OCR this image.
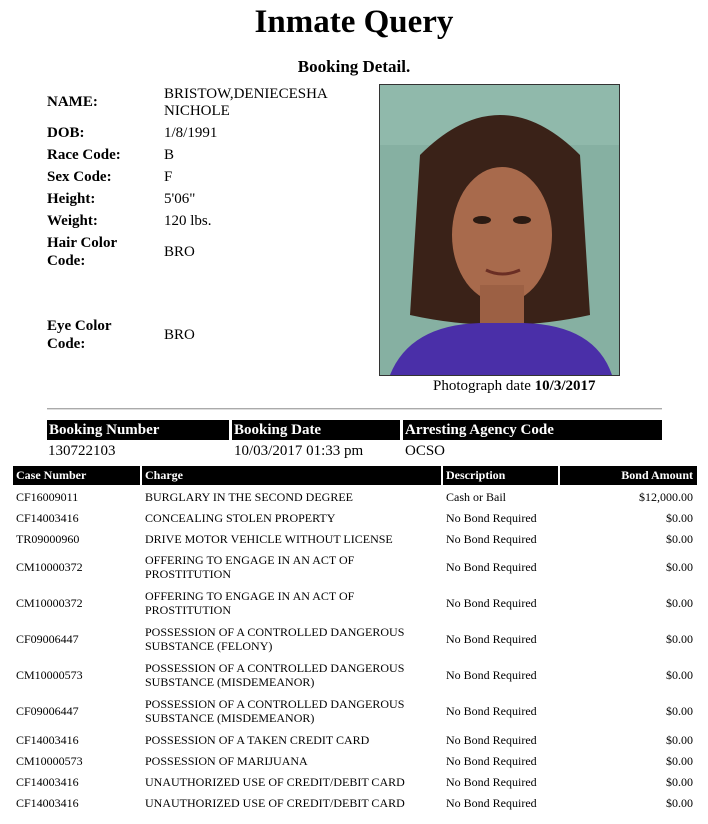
Inmate Query
Booking Detail.
NAME:	BRISTOW,DENIECESHA
NICHOLE
DOB:	1/8/1991
Race Code:	B
Sex Code:	F
Height:	5'06"
Weight:	120 lbs.
Hair Color
Code:
BRO
Eye Color
Code:
BRO
Photograph date 10/3/2017
Booking Number	Booking Date	Arresting Agency Code
130722103	10/03/2017 01:33 pm	OCSO
Case Number	Charge	Description	Bond Amount
CF16009011	BURGLARY IN THE SECOND DEGREE	Cash or Bail	$12,000.00
CF14003416	CONCEALING STOLEN PROPERTY	No Bond Required	$0.00
TR09000960	DRIVE MOTOR VEHICLE WITHOUT LICENSE	No Bond Required	$0.00
CM10000372	OFFERING TO ENGAGE IN AN ACT OF
PROSTITUTION	No Bond Required	$0.00
CM10000372	OFFERING TO ENGAGE IN AN ACT OF
PROSTITUTION	No Bond Required	$0.00
CF09006447	POSSESSION OF A CONTROLLED DANGEROUS
SUBSTANCE (FELONY)	No Bond Required	$0.00
CM10000573	POSSESSION OF A CONTROLLED DANGEROUS
SUBSTANCE (MISDEMEANOR)	No Bond Required	$0.00
CF09006447	POSSESSION OF A CONTROLLED DANGEROUS
SUBSTANCE (MISDEMEANOR)	No Bond Required	$0.00
CF14003416	POSSESSION OF A TAKEN CREDIT CARD	No Bond Required	$0.00
CM10000573	POSSESSION OF MARIJUANA	No Bond Required	$0.00
CF14003416	UNAUTHORIZED USE OF CREDIT/DEBIT CARD	No Bond Required	$0.00
CF14003416	UNAUTHORIZED USE OF CREDIT/DEBIT CARD	No Bond Required	$0.00
